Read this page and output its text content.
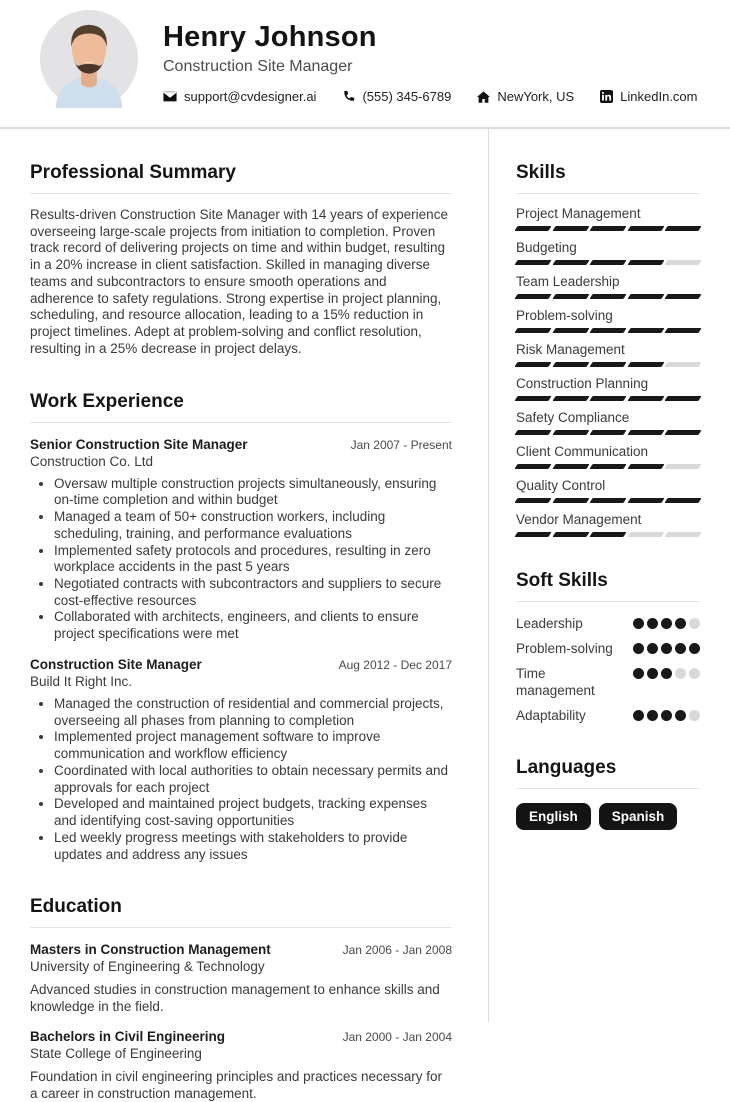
Henry Johnson
Construction Site Manager
support@cvdesigner.ai	(555) 345-6789	NewYork, US	LinkedIn.com
Professional Summary

Results-driven Construction Site Manager with 14 years of experience overseeing large-scale projects from initiation to completion. Proven track record of delivering projects on time and within budget, resulting in a 20% increase in client satisfaction. Skilled in managing diverse teams and subcontractors to ensure smooth operations and adherence to safety regulations. Strong expertise in project planning, scheduling, and resource allocation, leading to a 15% reduction in project timelines. Adept at problem-solving and conflict resolution, resulting in a 25% decrease in project delays.

Work Experience
Senior Construction Site Manager	Jan 2007 - Present
Construction Co. Ltd
• Oversaw multiple construction projects simultaneously, ensuring on-time completion and within budget
• Managed a team of 50+ construction workers, including scheduling, training, and performance evaluations
• Implemented safety protocols and procedures, resulting in zero workplace accidents in the past 5 years
• Negotiated contracts with subcontractors and suppliers to secure cost-effective resources
• Collaborated with architects, engineers, and clients to ensure project specifications were met
Construction Site Manager	Aug 2012 - Dec 2017
Build It Right Inc.
• Managed the construction of residential and commercial projects, overseeing all phases from planning to completion
• Implemented project management software to improve communication and workflow efficiency
• Coordinated with local authorities to obtain necessary permits and approvals for each project
• Developed and maintained project budgets, tracking expenses and identifying cost-saving opportunities
• Led weekly progress meetings with stakeholders to provide updates and address any issues
Education
Masters in Construction Management	Jan 2006 - Jan 2008
University of Engineering & Technology

Advanced studies in construction management to enhance skills and knowledge in the field.

Bachelors in Civil Engineering	Jan 2000 - Jan 2004
State College of Engineering

Foundation in civil engineering principles and practices necessary for a career in construction management.

Skills
Project Management
Budgeting
Team Leadership
Problem-solving
Risk Management
Construction Planning
Safety Compliance
Client Communication
Quality Control
Vendor Management
Soft Skills
Leadership
Problem-solving
Time management
Adaptability
Languages
English	Spanish
